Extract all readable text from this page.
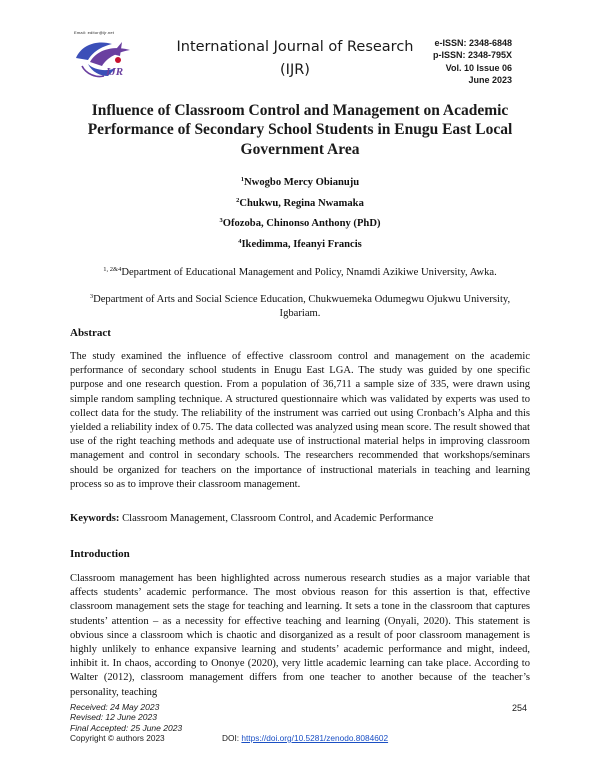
Email: editor@ijr.net
IJR
International Journal of Research
(IJR)
e-ISSN: 2348-6848
p-ISSN: 2348-795X
Vol. 10 Issue 06
June 2023
Influence of Classroom Control and Management on Academic Performance of Secondary School Students in Enugu East Local Government Area
$^1$Nwogbo Mercy Obianuju
$^2$Chukwu, Regina Nwamaka
$^3$Ofozoba, Chinonso Anthony (PhD)
$^4$Ikedimma, Ifeanyi Francis
$^{1, 2\&4}$Department of Educational Management and Policy, Nnamdi Azikiwe University, Awka.
$^3$Department of Arts and Social Science Education, Chukwuemeka Odumegwu Ojukwu University, Igbariam.
Abstract

The study examined the influence of effective classroom control and management on the academic performance of secondary school students in Enugu East LGA. The study was guided by one specific purpose and one research question. From a population of 36,711 a sample size of 335, were drawn using simple random sampling technique. A structured questionnaire which was validated by experts was used to collect data for the study. The reliability of the instrument was carried out using Cronbach’s Alpha and this yielded a reliability index of 0.75. The data collected was analyzed using mean score. The result showed that use of the right teaching methods and adequate use of instructional material helps in improving classroom management and control in secondary schools. The researchers recommended that workshops/seminars should be organized for teachers on the importance of instructional materials in teaching and learning process so as to improve their classroom management.

Keywords: Classroom Management, Classroom Control, and Academic Performance
Introduction

Classroom management has been highlighted across numerous research studies as a major variable that affects students’ academic performance. The most obvious reason for this assertion is that, effective classroom management sets the stage for teaching and learning. It sets a tone in the classroom that captures students’ attention – as a necessity for effective teaching and learning (Onyali, 2020). This statement is obvious since a classroom which is chaotic and disorganized as a result of poor classroom management is highly unlikely to enhance expansive learning and students’ academic performance and might, indeed, inhibit it. In chaos, according to Ononye (2020), very little academic learning can take place. According to Walter (2012), classroom management differs from one teacher to another because of the teacher’s personality, teaching

Received: 24 May 2023
Revised: 12 June 2023
Final Accepted: 25 June 2023
Copyright © authors 2023	DOI: https://doi.org/10.5281/zenodo.8084602
254
